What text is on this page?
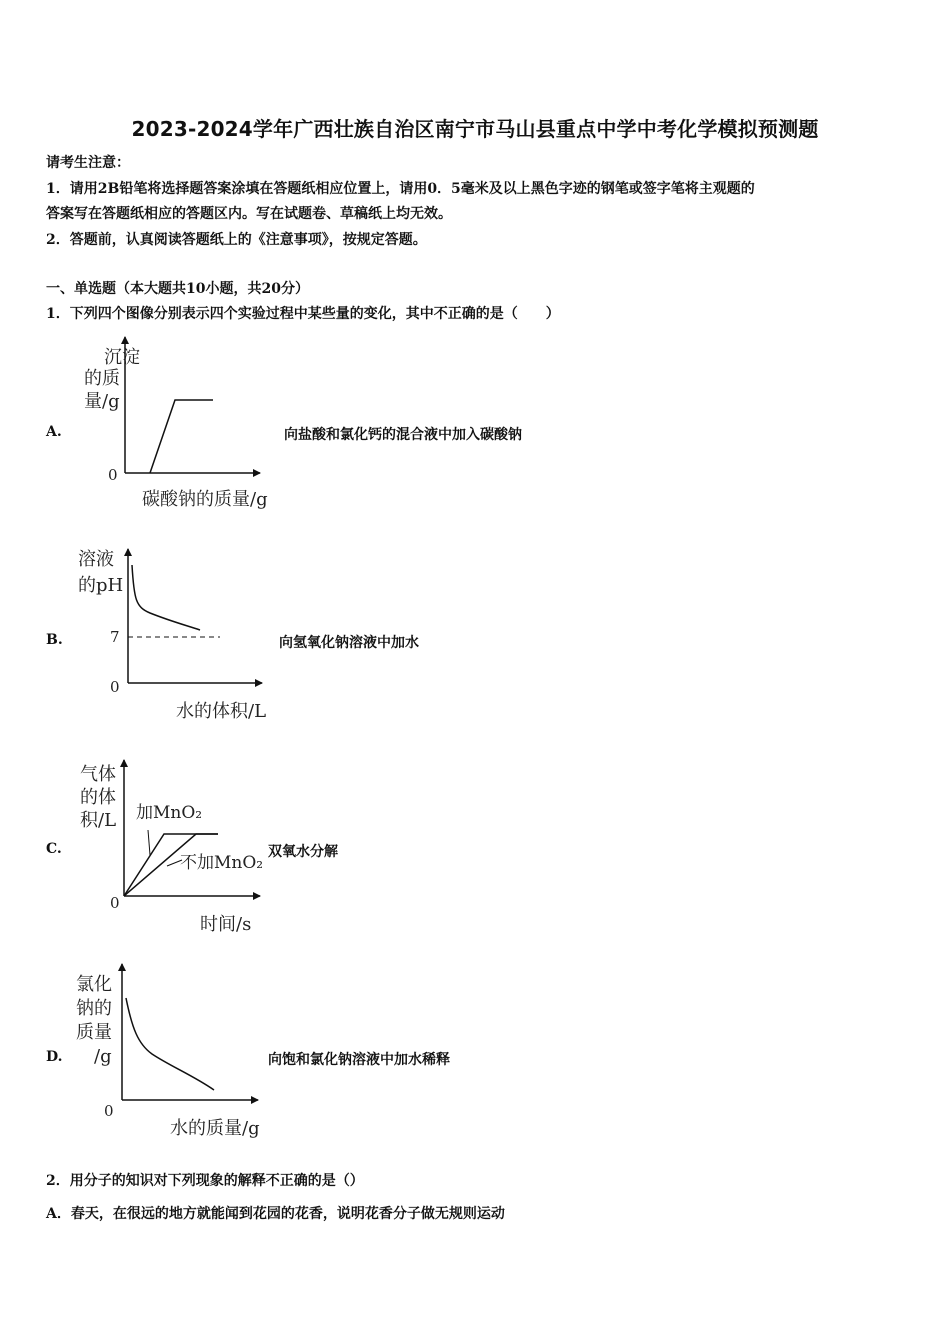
2023-2024学年广西壮族自治区南宁市马山县重点中学中考化学模拟预测题
请考生注意：
1．请用2B铅笔将选择题答案涂填在答题纸相应位置上，请用0．5毫米及以上黑色字迹的钢笔或签字笔将主观题的
答案写在答题纸相应的答题区内。写在试题卷、草稿纸上均无效。
2．答题前，认真阅读答题纸上的《注意事项》，按规定答题。
一、单选题（本大题共10小题，共20分）
1．下列四个图像分别表示四个实验过程中某些量的变化，其中不正确的是（　　）
A.
沉淀
的质
量/g
0
碳酸钠的质量/g
向盐酸和氯化钙的混合液中加入碳酸钠
B.
溶液
的pH
0
7
水的体积/L
向氢氧化钠溶液中加水
C.
气体
的体
积/L
0
加MnO₂
不加MnO₂
时间/s
双氧水分解
D.
氯化
钠的
质量
/g
0
水的质量/g
向饱和氯化钠溶液中加水稀释
2．用分子的知识对下列现象的解释不正确的是（）
A．春天，在很远的地方就能闻到花园的花香，说明花香分子做无规则运动
